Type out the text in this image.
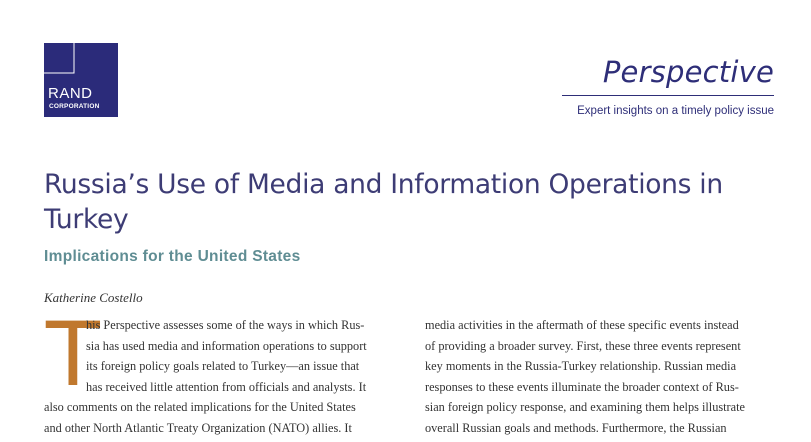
RAND
CORPORATION
Perspective
Expert insights on a timely policy issue
Russia’s Use of Media and Information Operations in Turkey
Implications for the United States
Katherine Costello
T
his Perspective assesses some of the ways in which Rus-
sia has used media and information operations to support
its foreign policy goals related to Turkey—an issue that
has received little attention from officials and analysts. It
also comments on the related implications for the United States
and other North Atlantic Treaty Organization (NATO) allies. It
media activities in the aftermath of these specific events instead
of providing a broader survey. First, these three events represent
key moments in the Russia-Turkey relationship. Russian media
responses to these events illuminate the broader context of Rus-
sian foreign policy response, and examining them helps illustrate
overall Russian goals and methods. Furthermore, the Russian
